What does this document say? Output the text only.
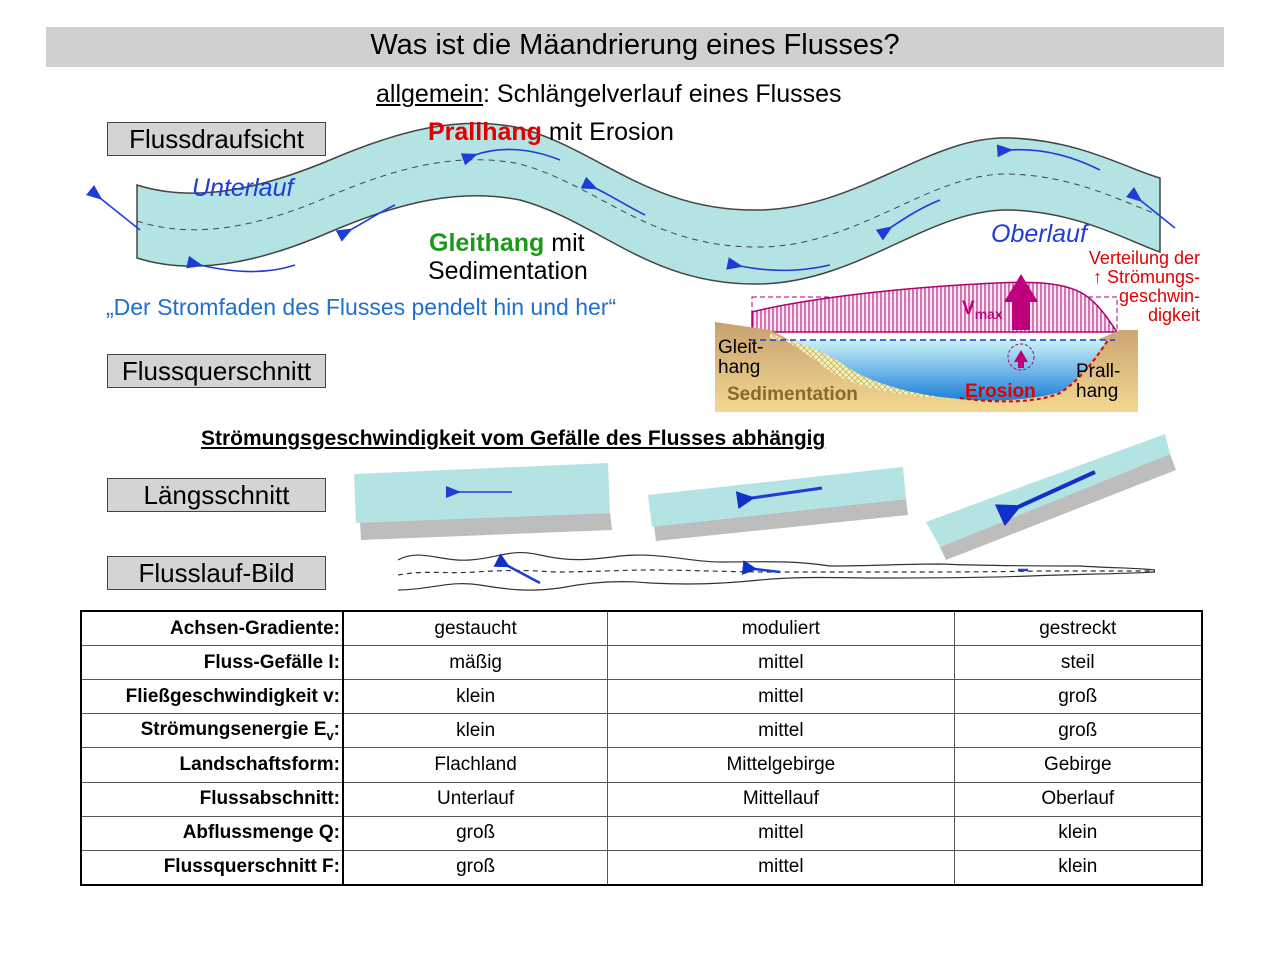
Was ist die Mäandrierung eines Flusses?
allgemein: Schlängelverlauf eines Flusses
Flussdraufsicht
Flussquerschnitt
Längsschnitt
Flusslauf-Bild
Prallhang mit Erosion
Unterlauf
Oberlauf
Gleithang mit
Sedimentation
„Der Stromfaden des Flusses pendelt hin und her“
Verteilung der
↑ Strömungs-
geschwin-
digkeit
$V_{max}$
Gleit-
hang
Sedimentation	Erosion
Prall-
hang
Strömungsgeschwindigkeit vom Gefälle des Flusses abhängig
Achsen-Gradiente:	gestaucht	moduliert	gestreckt
Fluss-Gefälle I:	mäßig	mittel	steil
Fließgeschwindigkeit v:	klein	mittel	groß
Strömungsenergie $E_v$:	klein	mittel	groß
Landschaftsform:	Flachland	Mittelgebirge	Gebirge
Flussabschnitt:	Unterlauf	Mittellauf	Oberlauf
Abflussmenge Q:	groß	mittel	klein
Flussquerschnitt F:	groß	mittel	klein
